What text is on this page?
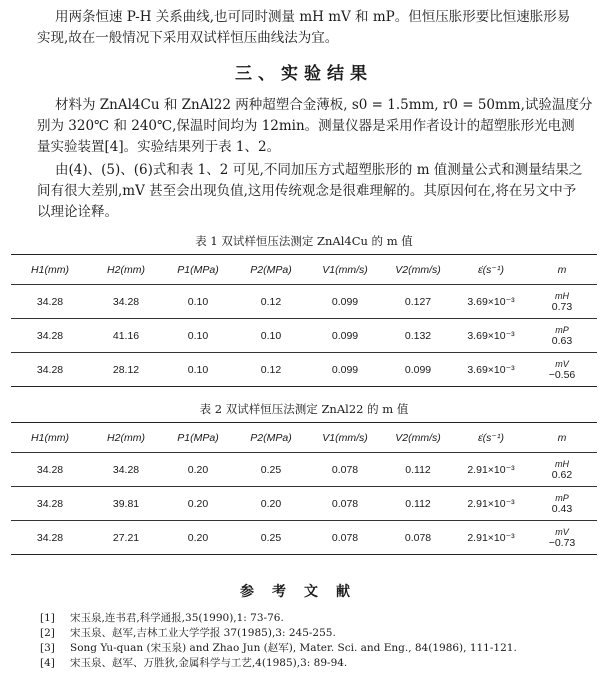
用两条恒速 P-H 关系曲线,也可同时测量 mH mV 和 mP。但恒压胀形要比恒速胀形易

实现,故在一般情况下采用双试样恒压曲线法为宜。

三、实验结果

材料为 ZnAl4Cu 和 ZnAl22 两种超塑合金薄板, s0 = 1.5mm, r0 = 50mm,试验温度分

别为 320℃ 和 240℃,保温时间均为 12min。测量仪器是采用作者设计的超塑胀形光电测

量实验装置[4]。实验结果列于表 1、2。

由(4)、(5)、(6)式和表 1、2 可见,不同加压方式超塑胀形的 m 值测量公式和测量结果之

间有很大差别,mV 甚至会出现负值,这用传统观念是很难理解的。其原因何在,将在另文中予

以理论诠释。

表 1 双试样恒压法测定 ZnAl4Cu 的 m 值
H1(mm)	H2(mm)	P1(MPa)	P2(MPa)	V1(mm/s)	V2(mm/s)	ε̇(s⁻¹)	m
34.28	34.28	0.10	0.12	0.099	0.127	3.69×10⁻³	mH
0.73

34.28	41.16	0.10	0.10	0.099	0.132	3.69×10⁻³	mP
0.63

34.28	28.12	0.10	0.12	0.099	0.099	3.69×10⁻³	mV
−0.56
表 2 双试样恒压法测定 ZnAl22 的 m 值
H1(mm)	H2(mm)	P1(MPa)	P2(MPa)	V1(mm/s)	V2(mm/s)	ε̇(s⁻¹)	m
34.28	34.28	0.20	0.25	0.078	0.112	2.91×10⁻³	mH
0.62

34.28	39.81	0.20	0.20	0.078	0.112	2.91×10⁻³	mP
0.43

34.28	27.21	0.20	0.25	0.078	0.078	2.91×10⁻³	mV
−0.73
参考文献
[1] 宋玉泉,连书君,科学通报,35(1990),1: 73-76.
[2] 宋玉泉、赵军,吉林工业大学学报 37(1985),3: 245-255.
[3] Song Yu-quan (宋玉泉) and Zhao Jun (赵军), Mater. Sci. and Eng., 84(1986), 111-121.
[4] 宋玉泉、赵军、万胜狄,金属科学与工艺,4(1985),3: 89-94.
